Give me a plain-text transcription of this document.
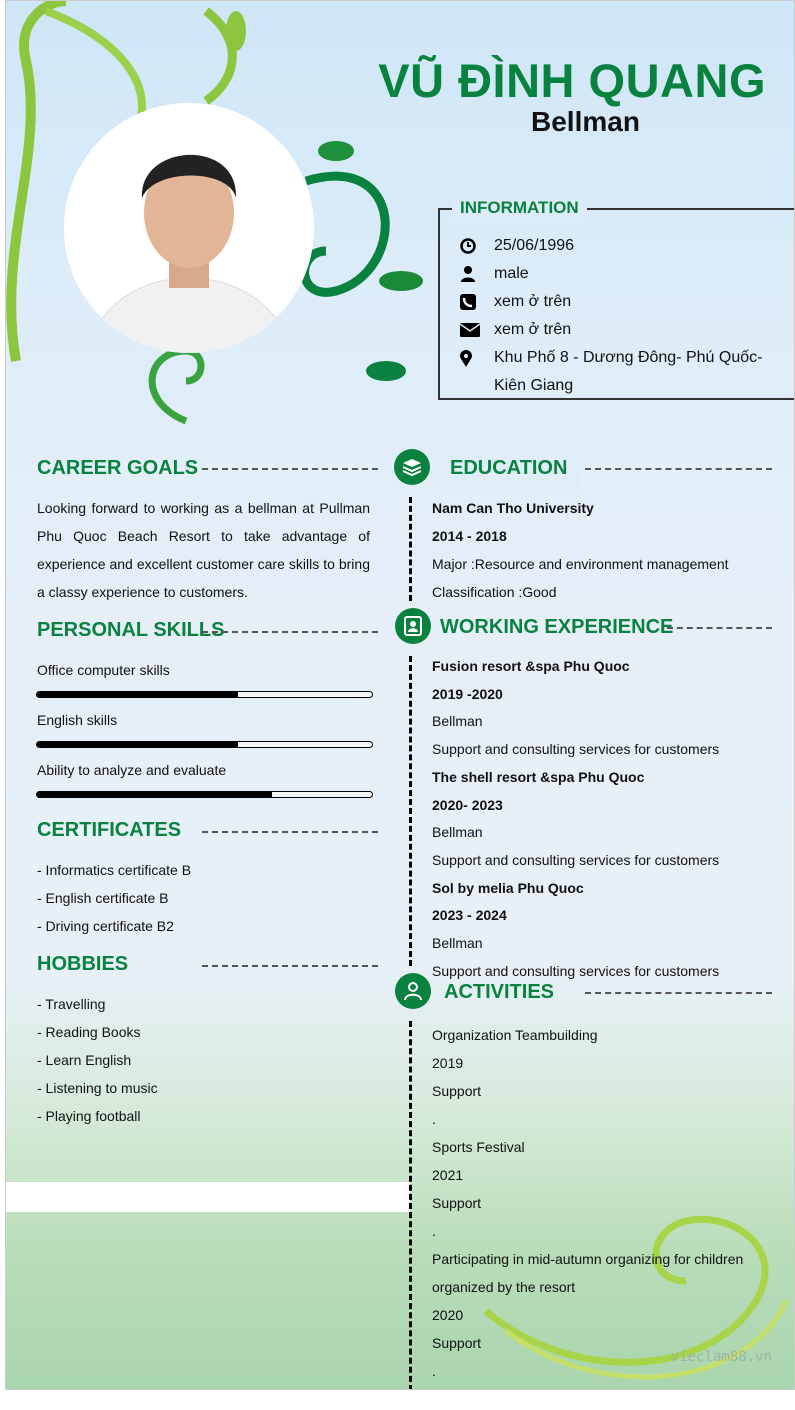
VŨ ĐÌNH QUANG
Bellman
25/06/1996
male
xem ở trên
xem ở trên
Khu Phố 8 - Dương Đông- Phú Quốc-Kiên Giang
INFORMATION
CAREER GOALS
Looking forward to working as a bellman at Pullman Phu Quoc Beach Resort to take advantage of experience and excellent customer care skills to bring a classy experience to customers.
PERSONAL SKILLS
Office computer skills
English skills
Ability to analyze and evaluate
CERTIFICATES
- Informatics certificate B
- English certificate B
- Driving certificate B2
HOBBIES
- Travelling
- Reading Books
- Learn English
- Listening to music
- Playing football
EDUCATION
Nam Can Tho University
2014 - 2018
Major :Resource and environment management
Classification :Good
WORKING EXPERIENCE
Fusion resort &spa Phu Quoc
2019 -2020
Bellman
Support and consulting services for customers
The shell resort &spa Phu Quoc
2020- 2023
Bellman
Support and consulting services for customers
Sol by melia Phu Quoc
2023 - 2024
Bellman
Support and consulting services for customers
ACTIVITIES
Organization Teambuilding
2019
Support
.
Sports Festival
2021
Support
.
Participating in mid-autumn organizing for children organized by the resort
2020
Support
.
vieclam88.vn
